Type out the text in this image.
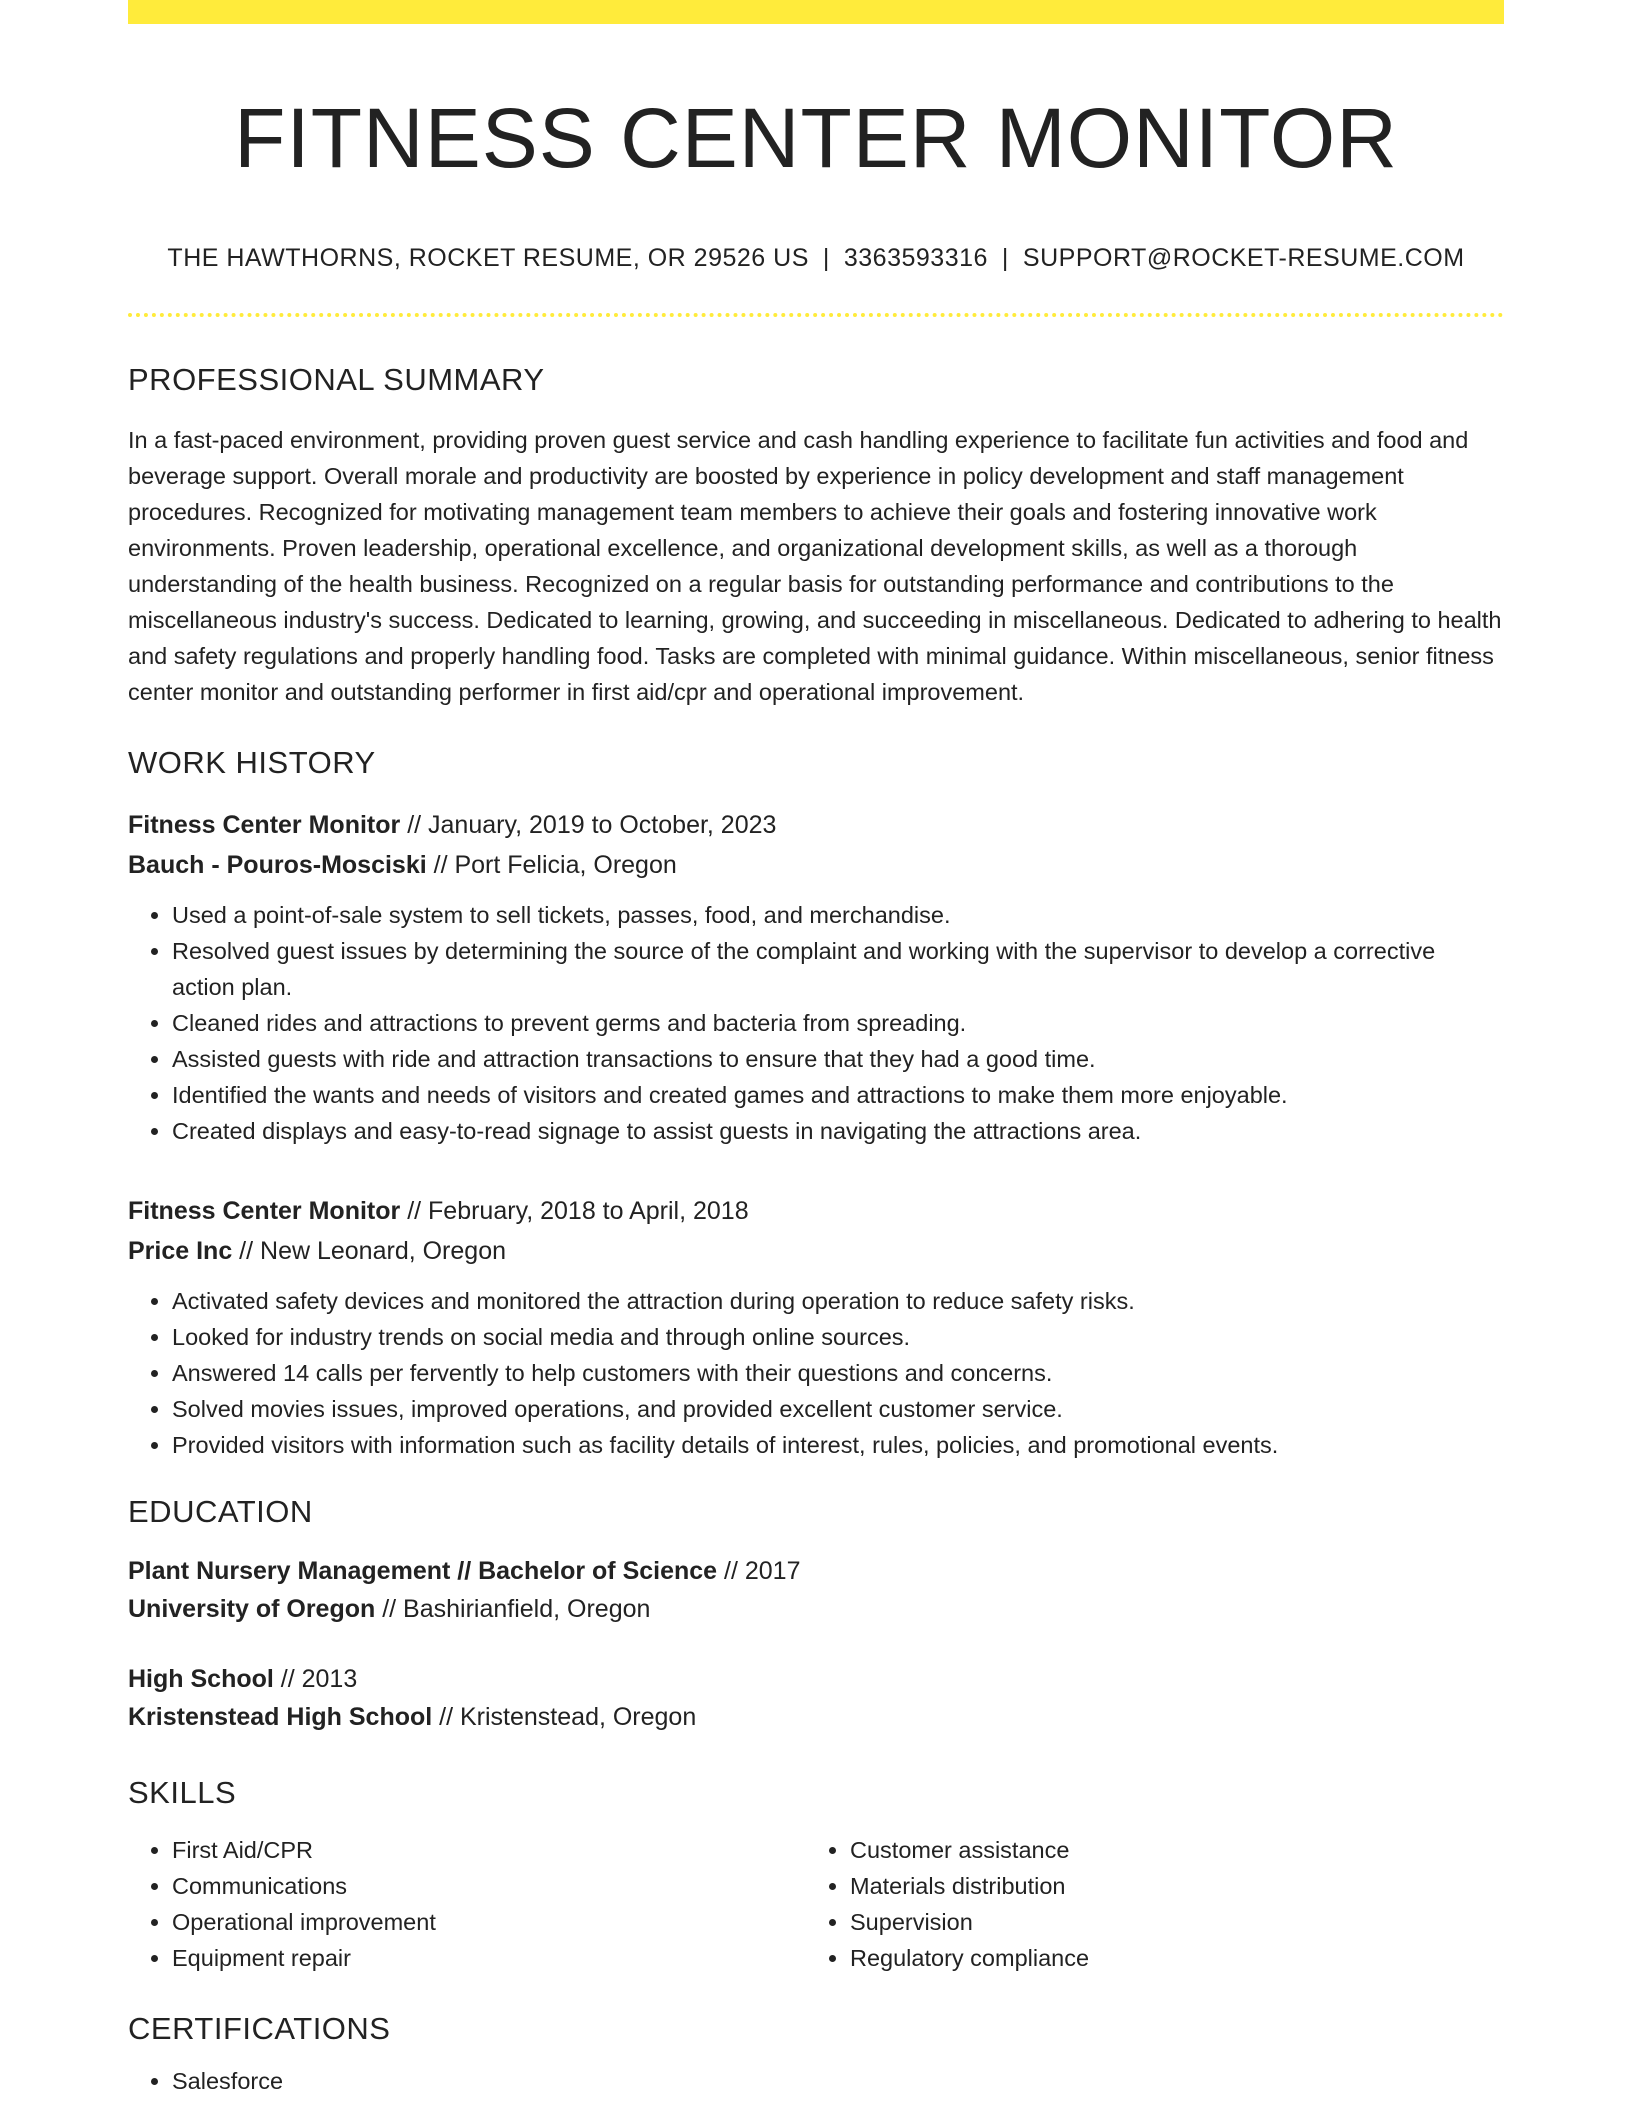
FITNESS CENTER MONITOR
THE HAWTHORNS, ROCKET RESUME, OR 29526 US | 3363593316 | SUPPORT@ROCKET-RESUME.COM
PROFESSIONAL SUMMARY
In a fast-paced environment, providing proven guest service and cash handling experience to facilitate fun activities and food and beverage support. Overall morale and productivity are boosted by experience in policy development and staff management procedures. Recognized for motivating management team members to achieve their goals and fostering innovative work environments. Proven leadership, operational excellence, and organizational development skills, as well as a thorough understanding of the health business. Recognized on a regular basis for outstanding performance and contributions to the miscellaneous industry's success. Dedicated to learning, growing, and succeeding in miscellaneous. Dedicated to adhering to health and safety regulations and properly handling food. Tasks are completed with minimal guidance. Within miscellaneous, senior fitness center monitor and outstanding performer in first aid/cpr and operational improvement.
WORK HISTORY
Fitness Center Monitor // January, 2019 to October, 2023
Bauch - Pouros-Mosciski // Port Felicia, Oregon
• Used a point-of-sale system to sell tickets, passes, food, and merchandise.
• Resolved guest issues by determining the source of the complaint and working with the supervisor to develop a corrective action plan.
• Cleaned rides and attractions to prevent germs and bacteria from spreading.
• Assisted guests with ride and attraction transactions to ensure that they had a good time.
• Identified the wants and needs of visitors and created games and attractions to make them more enjoyable.
• Created displays and easy-to-read signage to assist guests in navigating the attractions area.
Fitness Center Monitor // February, 2018 to April, 2018
Price Inc // New Leonard, Oregon
• Activated safety devices and monitored the attraction during operation to reduce safety risks.
• Looked for industry trends on social media and through online sources.
• Answered 14 calls per fervently to help customers with their questions and concerns.
• Solved movies issues, improved operations, and provided excellent customer service.
• Provided visitors with information such as facility details of interest, rules, policies, and promotional events.
EDUCATION
Plant Nursery Management // Bachelor of Science // 2017
University of Oregon // Bashirianfield, Oregon
High School // 2013
Kristenstead High School // Kristenstead, Oregon
SKILLS
• First Aid/CPR
• Communications
• Operational improvement
• Equipment repair
• Customer assistance
• Materials distribution
• Supervision
• Regulatory compliance
CERTIFICATIONS
• Salesforce
